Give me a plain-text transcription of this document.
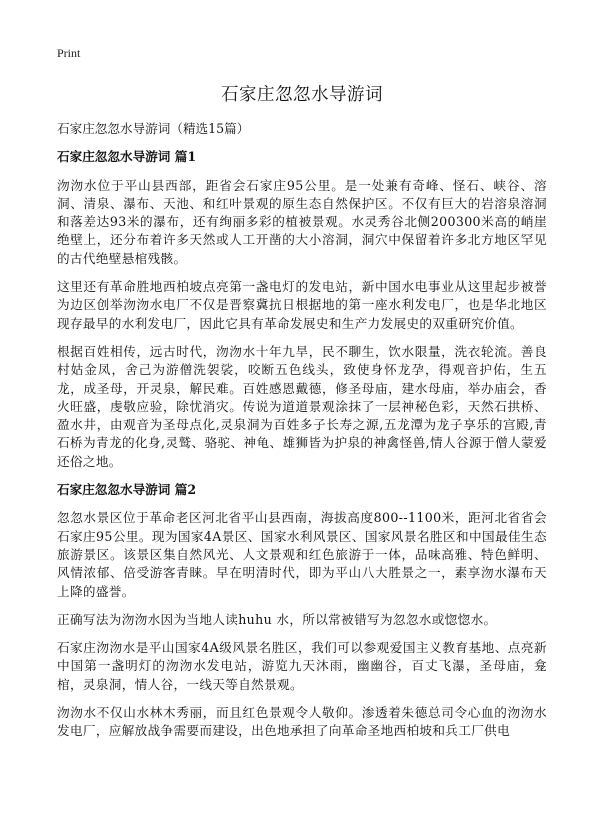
Print
石家庄忽忽水导游词

石家庄忽忽水导游词（精选15篇）

石家庄忽忽水导游词 篇1

沕沕水位于平山县西部，距省会石家庄95公里。是一处兼有奇峰、怪石、峡谷、溶洞、清泉、瀑布、天池、和红叶景观的原生态自然保护区。不仅有巨大的岩溶泉溶洞和落差达93米的瀑布，还有绚丽多彩的植被景观。水灵秀谷北侧200300米高的峭崖绝壁上，还分布着许多天然或人工开凿的大小溶洞，洞穴中保留着许多北方地区罕见的古代绝壁悬棺残骸。

这里还有革命胜地西柏坡点亮第一盏电灯的发电站，新中国水电事业从这里起步被誉为边区创举沕沕水电厂不仅是晋察冀抗日根据地的第一座水利发电厂，也是华北地区现存最早的水利发电厂，因此它具有革命发展史和生产力发展史的双重研究价值。

根据百姓相传，远古时代，沕沕水十年九旱，民不聊生，饮水限量，洗衣轮流。善良村姑金凤，舍己为游僧洗袈裟，咬断五色线头，致使身怀龙孕，得观音护佑，生五龙，成圣母，开灵泉，解民难。百姓感恩戴德，修圣母庙，建水母庙，举办庙会，香火旺盛，虔敬应验，除忧消灾。传说为道道景观涂抹了一层神秘色彩，天然石拱桥、盈水井，由观音为圣母点化,灵泉洞为百姓多子长寿之源,五龙潭为龙子享乐的宫殿,青石桥为青龙的化身,灵鹫、骆驼、神龟、雄狮皆为护泉的神禽怪兽,情人谷源于僧人蒙爱还俗之地。

石家庄忽忽水导游词 篇2

忽忽水景区位于革命老区河北省平山县西南，海拔高度800--1100米，距河北省省会石家庄95公里。现为国家4A景区、国家水利风景区、国家风景名胜区和中国最佳生态旅游景区。该景区集自然风光、人文景观和红色旅游于一体，品味高雅、特色鲜明、风情浓郁、倍受游客青睐。早在明清时代，即为平山八大胜景之一，素享沕水瀑布天上降的盛誉。

正确写法为沕沕水因为当地人读huhu 水，所以常被错写为忽忽水或惚惚水。

石家庄沕沕水是平山国家4A级风景名胜区，我们可以参观爱国主义教育基地、点亮新中国第一盏明灯的沕沕水发电站，游览九天沐雨，幽幽谷，百丈飞瀑，圣母庙，龛棺，灵泉洞，情人谷，一线天等自然景观。

沕沕水不仅山水林木秀丽，而且红色景观令人敬仰。渗透着朱德总司令心血的沕沕水发电厂，应解放战争需要而建设，出色地承担了向革命圣地西柏坡和兵工厂供电
